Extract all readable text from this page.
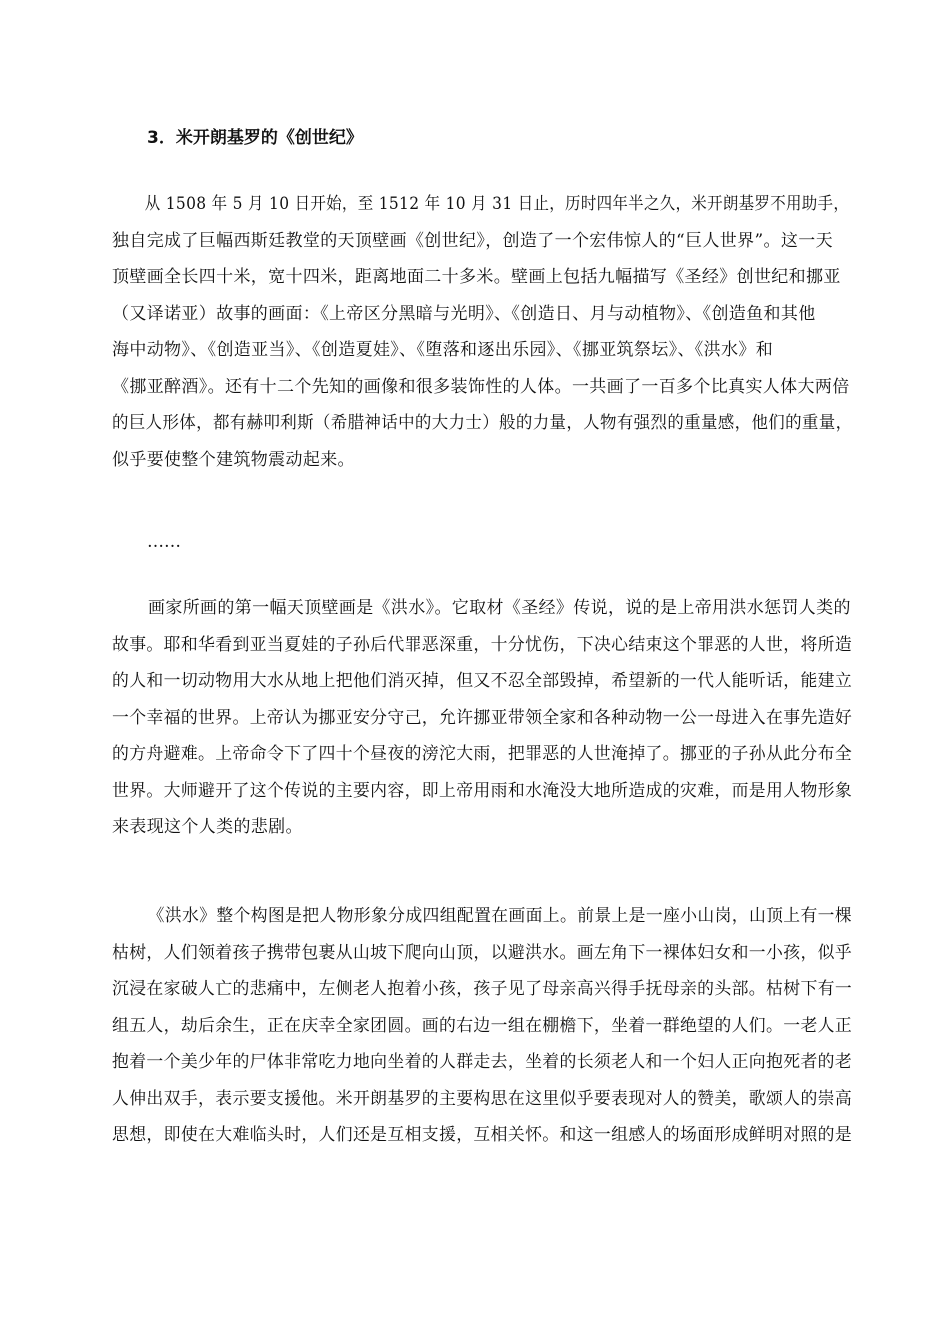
3．米开朗基罗的《创世纪》

从 1508 年 5 月 10 日开始，至 1512 年 10 月 31 日止，历时四年半之久，米开朗基罗不用助手，
独自完成了巨幅西斯廷教堂的天顶壁画《创世纪》，创造了一个宏伟惊人的“巨人世界”。这一天
顶壁画全长四十米，宽十四米，距离地面二十多米。壁画上包括九幅描写《圣经》创世纪和挪亚
（又译诺亚）故事的画面：《上帝区分黑暗与光明》、《创造日、月与动植物》、《创造鱼和其他
海中动物》、《创造亚当》、《创造夏娃》、《堕落和逐出乐园》、《挪亚筑祭坛》、《洪水》和
《挪亚醉酒》。还有十二个先知的画像和很多装饰性的人体。一共画了一百多个比真实人体大两倍
的巨人形体，都有赫叩利斯（希腊神话中的大力士）般的力量，人物有强烈的重量感，他们的重量，
似乎要使整个建筑物震动起来。

……

画家所画的第一幅天顶壁画是《洪水》。它取材《圣经》传说，说的是上帝用洪水惩罚人类的
故事。耶和华看到亚当夏娃的子孙后代罪恶深重，十分忧伤，下决心结束这个罪恶的人世，将所造
的人和一切动物用大水从地上把他们消灭掉，但又不忍全部毁掉，希望新的一代人能听话，能建立
一个幸福的世界。上帝认为挪亚安分守己，允许挪亚带领全家和各种动物一公一母进入在事先造好
的方舟避难。上帝命令下了四十个昼夜的滂沱大雨，把罪恶的人世淹掉了。挪亚的子孙从此分布全
世界。大师避开了这个传说的主要内容，即上帝用雨和水淹没大地所造成的灾难，而是用人物形象
来表现这个人类的悲剧。

《洪水》整个构图是把人物形象分成四组配置在画面上。前景上是一座小山岗，山顶上有一棵
枯树，人们领着孩子携带包裹从山坡下爬向山顶，以避洪水。画左角下一裸体妇女和一小孩，似乎
沉浸在家破人亡的悲痛中，左侧老人抱着小孩，孩子见了母亲高兴得手抚母亲的头部。枯树下有一
组五人，劫后余生，正在庆幸全家团圆。画的右边一组在棚檐下，坐着一群绝望的人们。一老人正
抱着一个美少年的尸体非常吃力地向坐着的人群走去，坐着的长须老人和一个妇人正向抱死者的老
人伸出双手，表示要支援他。米开朗基罗的主要构思在这里似乎要表现对人的赞美，歌颂人的崇高
思想，即使在大难临头时，人们还是互相支援，互相关怀。和这一组感人的场面形成鲜明对照的是
